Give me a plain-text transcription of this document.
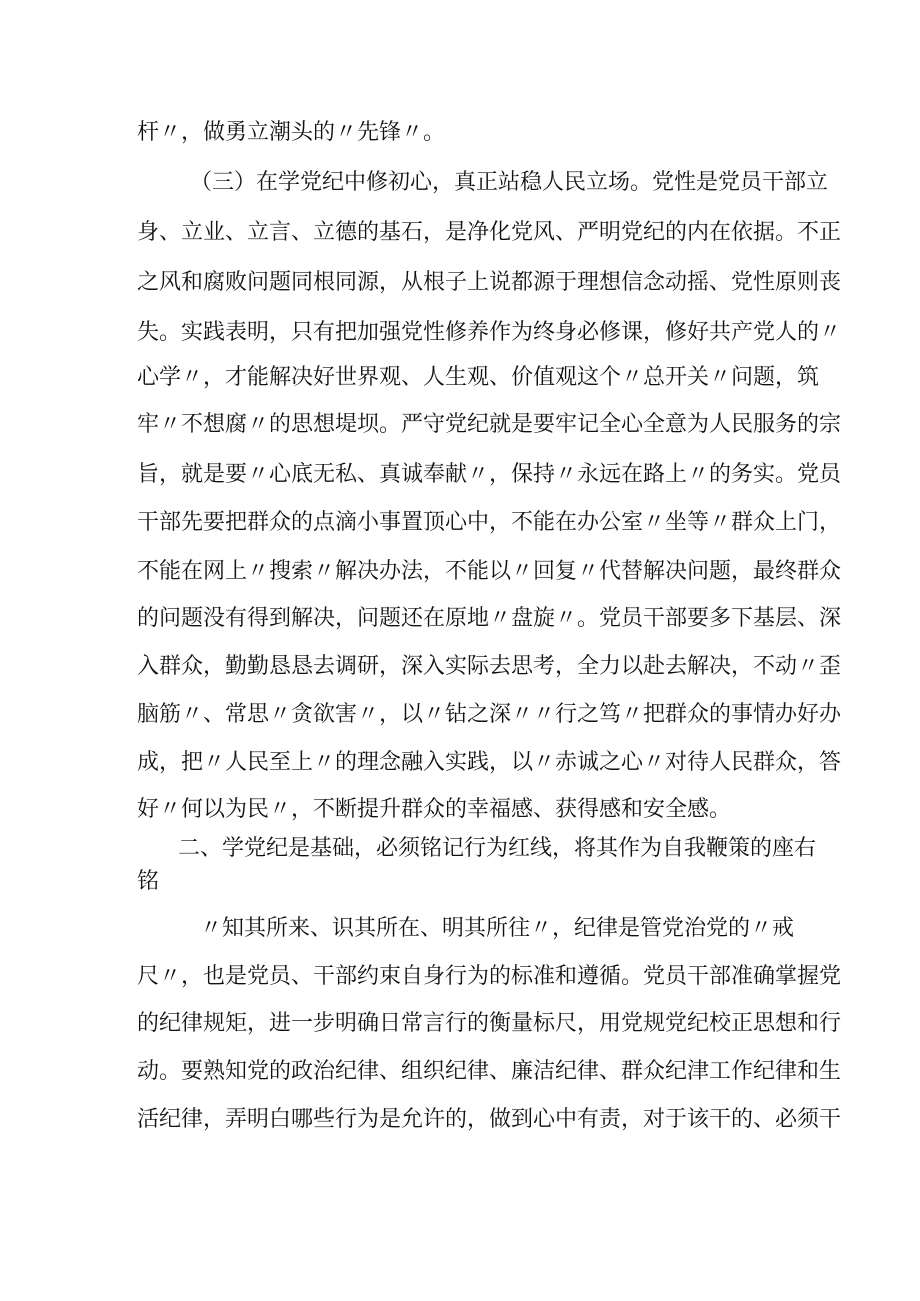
杆〃，做勇立潮头的〃先锋〃。
（三）在学党纪中修初心，真正站稳人民立场。党性是党员干部立
身、立业、立言、立德的基石，是净化党风、严明党纪的内在依据。不正
之风和腐败问题同根同源，从根子上说都源于理想信念动摇、党性原则丧
失。实践表明，只有把加强党性修养作为终身必修课，修好共产党人的〃
心学〃，才能解决好世界观、人生观、价值观这个〃总开关〃问题，筑
牢〃不想腐〃的思想堤坝。严守党纪就是要牢记全心全意为人民服务的宗
旨，就是要〃心底无私、真诚奉献〃，保持〃永远在路上〃的务实。党员
干部先要把群众的点滴小事置顶心中，不能在办公室〃坐等〃群众上门，
不能在网上〃搜索〃解决办法，不能以〃回复〃代替解决问题，最终群众
的问题没有得到解决，问题还在原地〃盘旋〃。党员干部要多下基层、深
入群众，勤勤恳恳去调研，深入实际去思考，全力以赴去解决，不动〃歪
脑筋〃、常思〃贪欲害〃，以〃钻之深〃〃行之笃〃把群众的事情办好办
成，把〃人民至上〃的理念融入实践，以〃赤诚之心〃对待人民群众，答
好〃何以为民〃，不断提升群众的幸福感、获得感和安全感。
二、学党纪是基础，必须铭记行为红线，将其作为自我鞭策的座右
铭
〃知其所来、识其所在、明其所往〃，纪律是管党治党的〃戒
尺〃，也是党员、干部约束自身行为的标准和遵循。党员干部准确掌握党
的纪律规矩，进一步明确日常言行的衡量标尺，用党规党纪校正思想和行
动。要熟知党的政治纪律、组织纪律、廉洁纪律、群众纪津工作纪律和生
活纪律，弄明白哪些行为是允许的，做到心中有责，对于该干的、必须干
